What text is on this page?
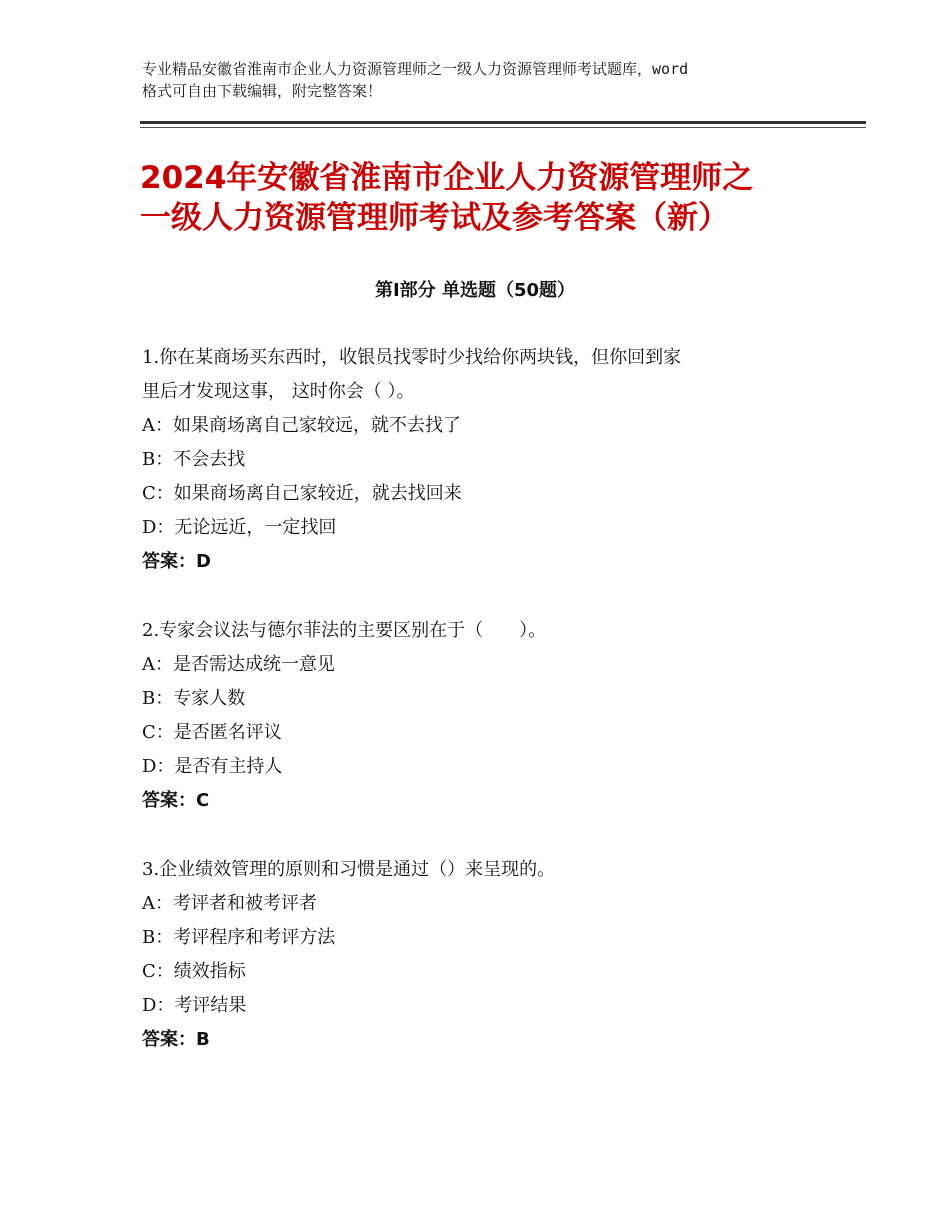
专业精品安徽省淮南市企业人力资源管理师之一级人力资源管理师考试题库，word
格式可自由下载编辑，附完整答案！
2024年安徽省淮南市企业人力资源管理师之
一级人力资源管理师考试及参考答案（新）
第Ⅰ部分 单选题（50题）
1.你在某商场买东西时，收银员找零时少找给你两块钱，但你回到家
里后才发现这事， 这时你会（ ）。
A：如果商场离自己家较远，就不去找了
B：不会去找
C：如果商场离自己家较近，就去找回来
D：无论远近，一定找回
答案：D
2.专家会议法与德尔菲法的主要区别在于（　　）。
A：是否需达成统一意见
B：专家人数
C：是否匿名评议
D：是否有主持人
答案：C
3.企业绩效管理的原则和习惯是通过（）来呈现的。
A：考评者和被考评者
B：考评程序和考评方法
C：绩效指标
D：考评结果
答案：B
